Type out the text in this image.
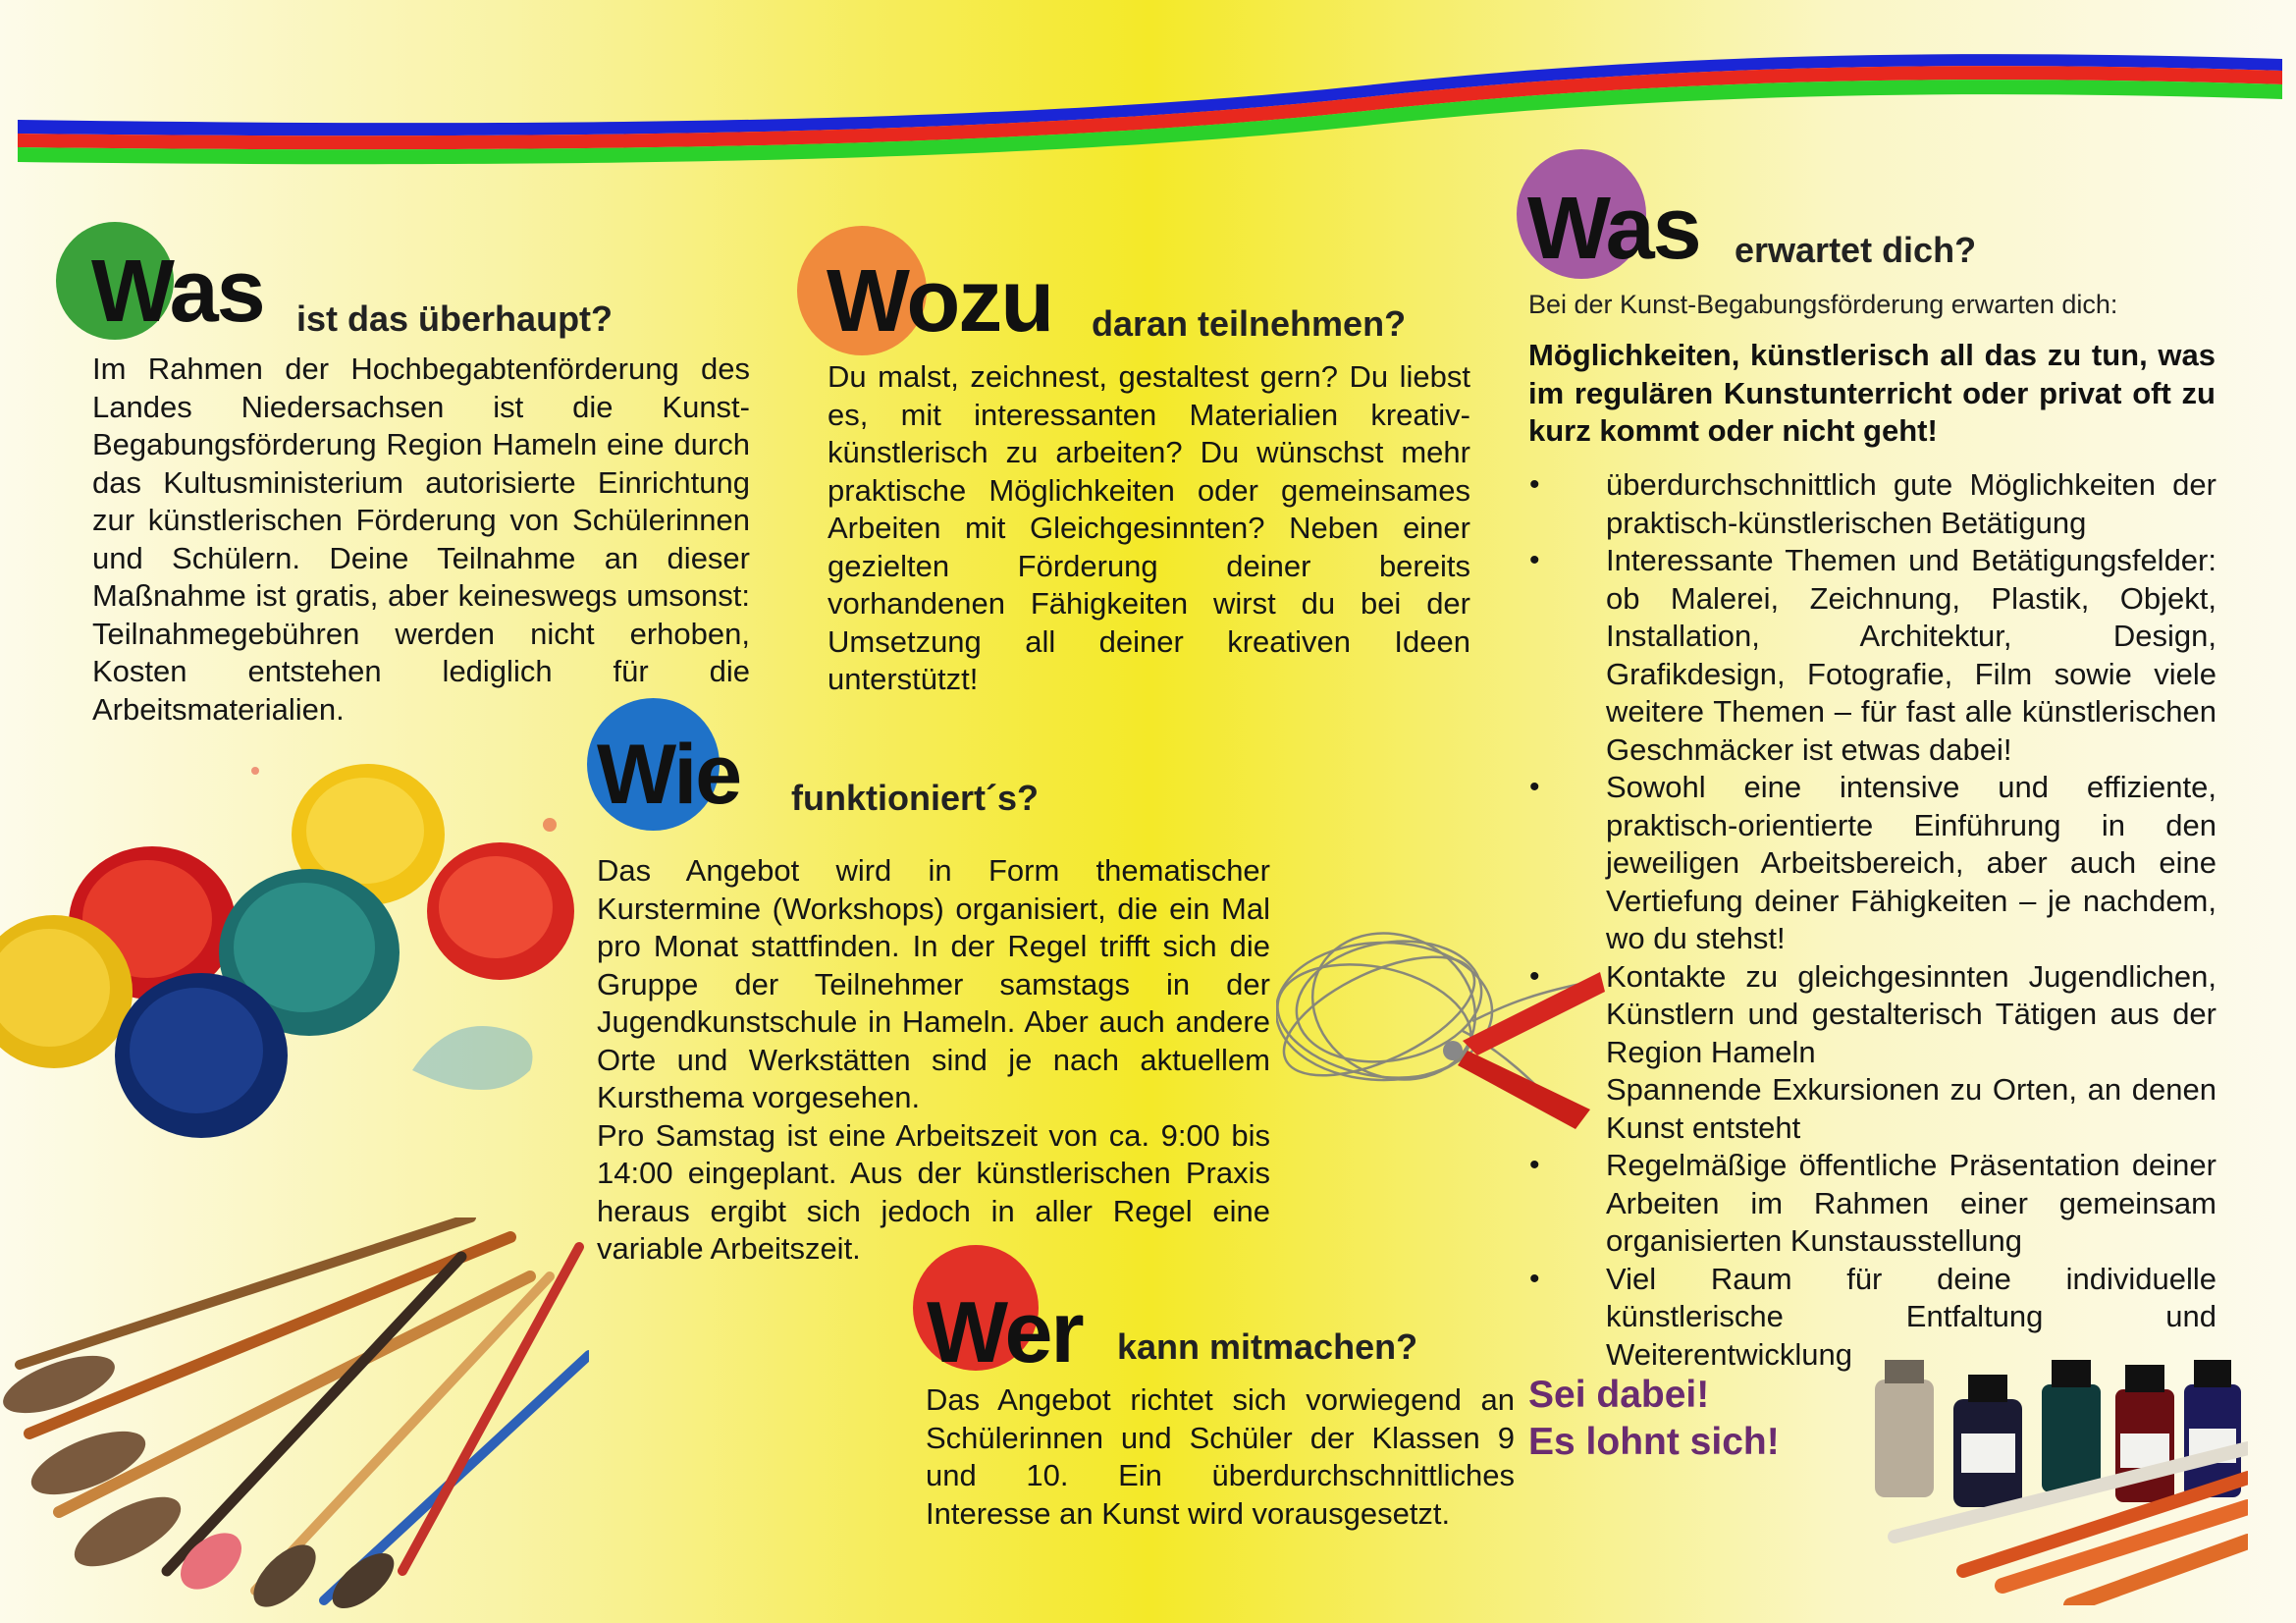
Was ist das überhaupt?
Im Rahmen der Hochbegabtenförderung des Landes Niedersachsen ist die Kunst-Begabungsförderung Region Hameln eine durch das Kultusministerium autorisierte Einrichtung zur künstlerischen Förderung von Schülerinnen und Schülern. Deine Teilnahme an dieser Maßnahme ist gratis, aber keineswegs umsonst: Teilnahmegebühren werden nicht erhoben, Kosten entstehen lediglich für die Arbeitsmaterialien.
Wozu daran teilnehmen?
Du malst, zeichnest, gestaltest gern? Du liebst es, mit interessanten Materialien kreativ-künstlerisch zu arbeiten? Du wünschst mehr praktische Möglichkeiten oder gemeinsames Arbeiten mit Gleichgesinnten? Neben einer gezielten Förderung deiner bereits vorhandenen Fähigkeiten wirst du bei der Umsetzung all deiner kreativen Ideen unterstützt!
Wie funktioniert´s?
Das Angebot wird in Form thematischer Kurstermine (Workshops) organisiert, die ein Mal pro Monat stattfinden. In der Regel trifft sich die Gruppe der Teilnehmer samstags in der Jugendkunstschule in Hameln. Aber auch andere Orte und Werkstätten sind je nach aktuellem Kursthema vorgesehen.
Pro Samstag ist eine Arbeitszeit von ca. 9:00 bis 14:00 eingeplant. Aus der künstlerischen Praxis heraus ergibt sich jedoch in aller Regel eine variable Arbeitszeit.
Wer kann mitmachen?
Das Angebot richtet sich vorwiegend an Schülerinnen und Schüler der Klassen 9 und 10. Ein überdurchschnittliches Interesse an Kunst wird vorausgesetzt.
Was erwartet dich?
Bei der Kunst-Begabungsförderung erwarten dich:
Möglichkeiten, künstlerisch all das zu tun, was im regulären Kunstunterricht oder privat oft zu kurz kommt oder nicht geht!
• überdurchschnittlich gute Möglichkeiten der praktisch-künstlerischen Betätigung
• Interessante Themen und Betätigungsfelder: ob Malerei, Zeichnung, Plastik, Objekt, Installation, Architektur, Design, Grafikdesign, Fotografie, Film sowie viele weitere Themen – für fast alle künstlerischen Geschmäcker ist etwas dabei!
• Sowohl eine intensive und effiziente, praktisch-orientierte Einführung in den jeweiligen Arbeitsbereich, aber auch eine Vertiefung deiner Fähigkeiten – je nachdem, wo du stehst!
• Kontakte zu gleichgesinnten Jugendlichen, Künstlern und gestalterisch Tätigen aus der Region Hameln
• Spannende Exkursionen zu Orten, an denen Kunst entsteht
• Regelmäßige öffentliche Präsentation deiner Arbeiten im Rahmen einer gemeinsam organisierten Kunstausstellung
• Viel Raum für deine individuelle künstlerische Entfaltung und Weiterentwicklung
Sei dabei!
Es lohnt sich!
